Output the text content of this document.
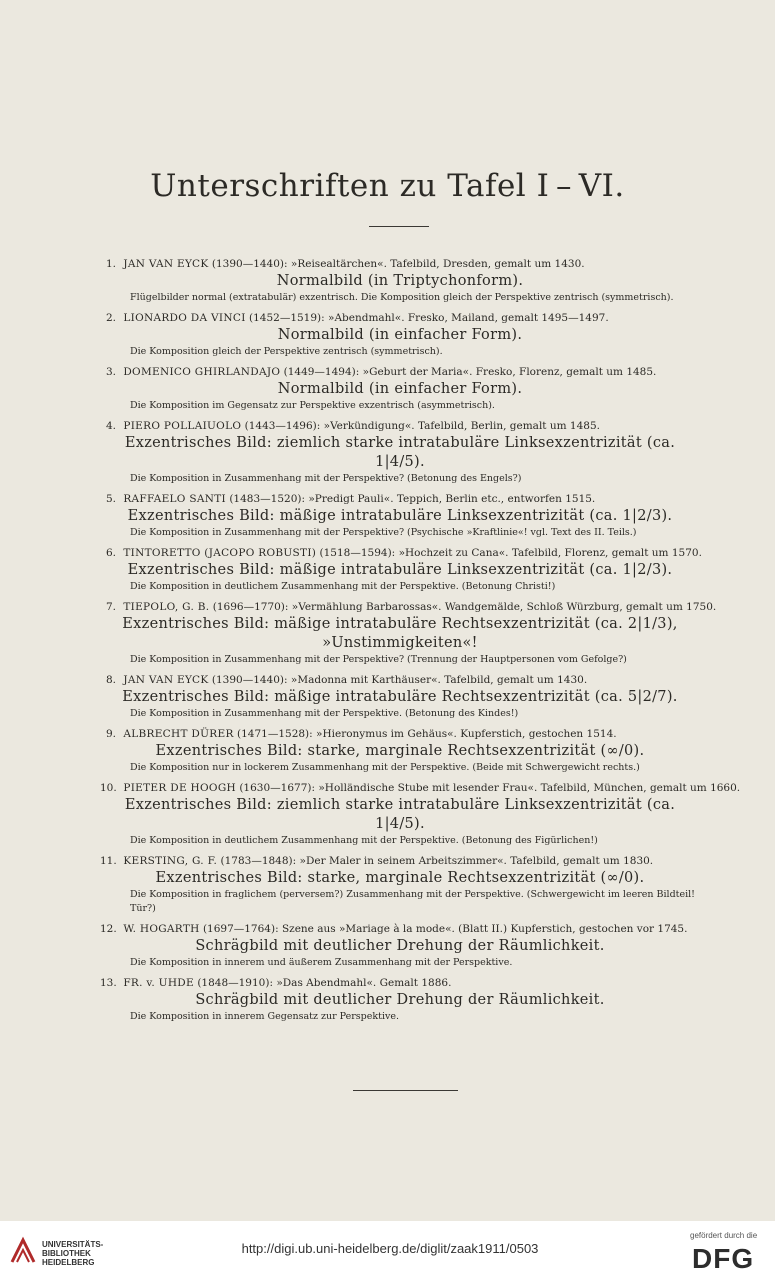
Unterschriften zu Tafel I – VI.
1. JAN VAN EYCK (1390—1440): »Reisealtärchen«. Tafelbild, Dresden, gemalt um 1430.
Normalbild (in Triptychonform).
Flügelbilder normal (extratabulär) exzentrisch. Die Komposition gleich der Perspektive zentrisch (symmetrisch).
2. LIONARDO DA VINCI (1452—1519): »Abendmahl«. Fresko, Mailand, gemalt 1495—1497.
Normalbild (in einfacher Form).
Die Komposition gleich der Perspektive zentrisch (symmetrisch).
3. DOMENICO GHIRLANDAJO (1449—1494): »Geburt der Maria«. Fresko, Florenz, gemalt um 1485.
Normalbild (in einfacher Form).
Die Komposition im Gegensatz zur Perspektive exzentrisch (asymmetrisch).
4. PIERO POLLAIUOLO (1443—1496): »Verkündigung«. Tafelbild, Berlin, gemalt um 1485.
Exzentrisches Bild: ziemlich starke intratabuläre Linksexzentrizität (ca. 1|4/5).
Die Komposition in Zusammenhang mit der Perspektive? (Betonung des Engels?)
5. RAFFAELO SANTI (1483—1520): »Predigt Pauli«. Teppich, Berlin etc., entworfen 1515.
Exzentrisches Bild: mäßige intratabuläre Linksexzentrizität (ca. 1|2/3).
Die Komposition in Zusammenhang mit der Perspektive? (Psychische »Kraftlinie«! vgl. Text des II. Teils.)
6. TINTORETTO (JACOPO ROBUSTI) (1518—1594): »Hochzeit zu Cana«. Tafelbild, Florenz, gemalt um 1570.
Exzentrisches Bild: mäßige intratabuläre Linksexzentrizität (ca. 1|2/3).
Die Komposition in deutlichem Zusammenhang mit der Perspektive. (Betonung Christi!)
7. TIEPOLO, G. B. (1696—1770): »Vermählung Barbarossas«. Wandgemälde, Schloß Würzburg, gemalt um 1750.
Exzentrisches Bild: mäßige intratabuläre Rechtsexzentrizität (ca. 2|1/3), »Unstimmigkeiten«!
Die Komposition in Zusammenhang mit der Perspektive? (Trennung der Hauptpersonen vom Gefolge?)
8. JAN VAN EYCK (1390—1440): »Madonna mit Karthäuser«. Tafelbild, gemalt um 1430.
Exzentrisches Bild: mäßige intratabuläre Rechtsexzentrizität (ca. 5|2/7).
Die Komposition in Zusammenhang mit der Perspektive. (Betonung des Kindes!)
9. ALBRECHT DÜRER (1471—1528): »Hieronymus im Gehäus«. Kupferstich, gestochen 1514.
Exzentrisches Bild: starke, marginale Rechtsexzentrizität (∞/0).
Die Komposition nur in lockerem Zusammenhang mit der Perspektive. (Beide mit Schwergewicht rechts.)
10. PIETER DE HOOGH (1630—1677): »Holländische Stube mit lesender Frau«. Tafelbild, München, gemalt um 1660.
Exzentrisches Bild: ziemlich starke intratabuläre Linksexzentrizität (ca. 1|4/5).
Die Komposition in deutlichem Zusammenhang mit der Perspektive. (Betonung des Figürlichen!)
11. KERSTING, G. F. (1783—1848): »Der Maler in seinem Arbeitszimmer«. Tafelbild, gemalt um 1830.
Exzentrisches Bild: starke, marginale Rechtsexzentrizität (∞/0).
Die Komposition in fraglichem (perversem?) Zusammenhang mit der Perspektive. (Schwergewicht im leeren Bildteil! Tür?)
12. W. HOGARTH (1697—1764): Szene aus »Mariage à la mode«. (Blatt II.) Kupferstich, gestochen vor 1745.
Schrägbild mit deutlicher Drehung der Räumlichkeit.
Die Komposition in innerem und äußerem Zusammenhang mit der Perspektive.
13. FR. v. UHDE (1848—1910): »Das Abendmahl«. Gemalt 1886.
Schrägbild mit deutlicher Drehung der Räumlichkeit.
Die Komposition in innerem Gegensatz zur Perspektive.
UNIVERSITÄTS-
BIBLIOTHEK
HEIDELBERG
http://digi.ub.uni-heidelberg.de/diglit/zaak1911/0503
gefördert durch die
DFG
